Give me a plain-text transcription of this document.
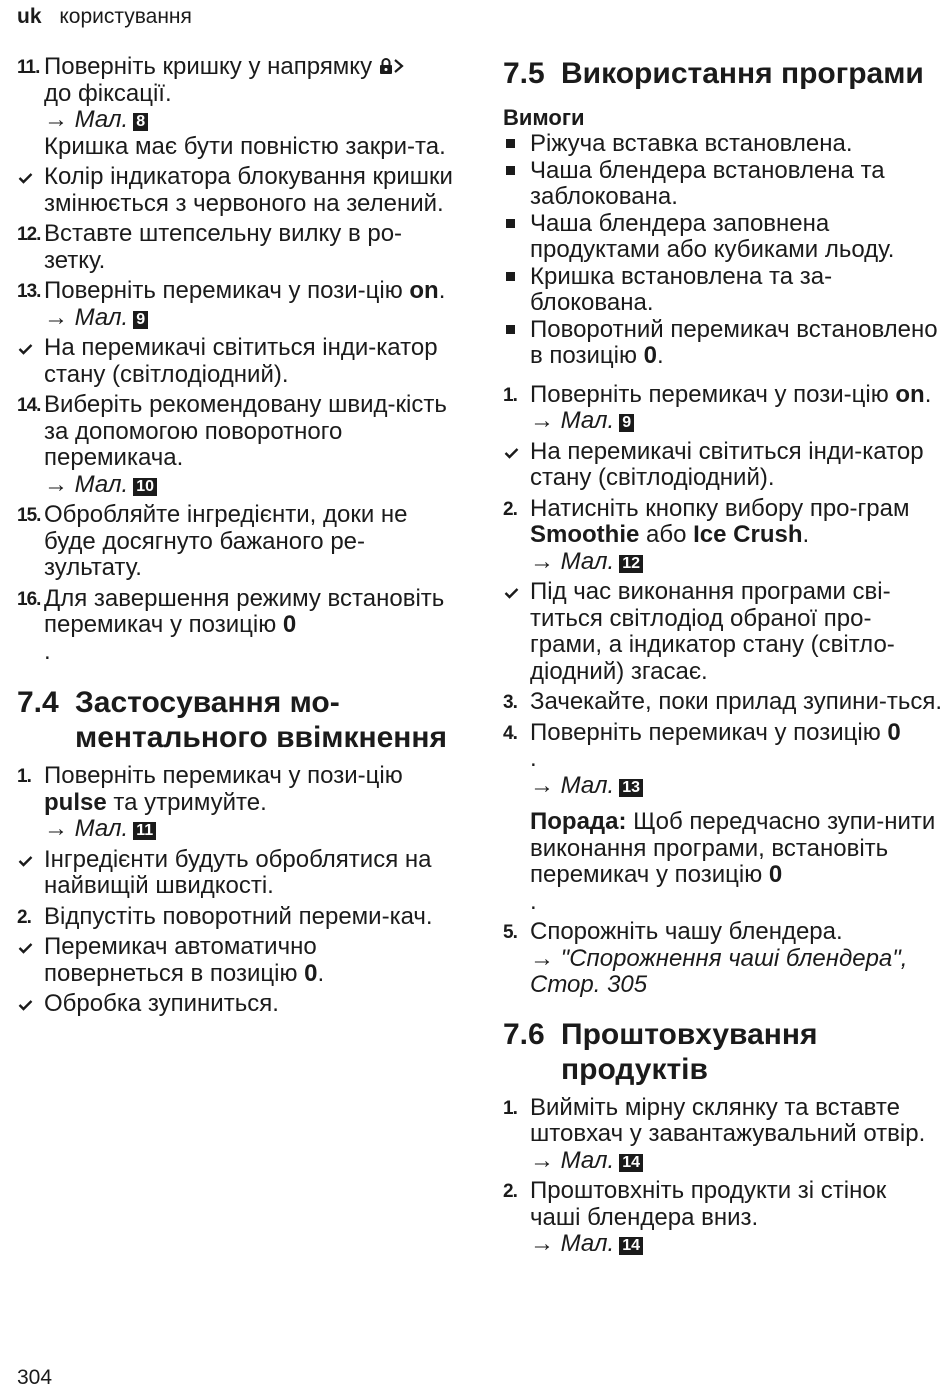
uk користування
11. Поверніть кришку у напрямку
до фіксації.
→ Мал. 8
Кришка має бути повністю закри-та.
Колір індикатора блокування кришки змінюється з червоного на зелений.
12. Вставте штепсельну вилку в ро-зетку.
13. Поверніть перемикач у пози-цію on.
→ Мал. 9
На перемикачі світиться інди-катор стану (світлодіодний).
14. Виберіть рекомендовану швид-кість за допомогою поворотного перемикача.
→ Мал. 10
15. Обробляйте інгредієнти, доки не буде досягнуто бажаного ре-зультату.
16. Для завершення режиму встановіть перемикач у позицію 0
.
7.4 Застосування мо-ментального ввімкнення
1. Поверніть перемикач у пози-цію pulse та утримуйте.
→ Мал. 11
Інгредієнти будуть оброблятися на найвищій швидкості.
2. Відпустіть поворотний переми-кач.
Перемикач автоматично повернеться в позицію 0.
Обробка зупиниться.
7.5 Використання програми
Вимоги
Ріжуча вставка встановлена.
Чаша блендера встановлена та заблокована.
Чаша блендера заповнена продуктами або кубиками льоду.
Кришка встановлена та за-блокована.
Поворотний перемикач встановлено в позицію 0.
1. Поверніть перемикач у пози-цію on.
→ Мал. 9
На перемикачі світиться інди-катор стану (світлодіодний).
2. Натисніть кнопку вибору про-грам Smoothie або Ice Crush.
→ Мал. 12
Під час виконання програми сві-титься світлодіод обраної про-грами, а індикатор стану (світло-діодний) згасає.
3. Зачекайте, поки прилад зупини-ться.
4. Поверніть перемикач у позицію 0
.
→ Мал. 13
Порада: Щоб передчасно зупи-нити виконання програми, встановіть перемикач у позицію 0
.
5. Спорожніть чашу блендера.
→ "Спорожнення чаші блендера", Стор. 305
7.6 Проштовхування продуктів
1. Вийміть мірну склянку та вставте штовхач у завантажувальний отвір.
→ Мал. 14
2. Проштовхніть продукти зі стінок чаші блендера вниз.
→ Мал. 14
304
